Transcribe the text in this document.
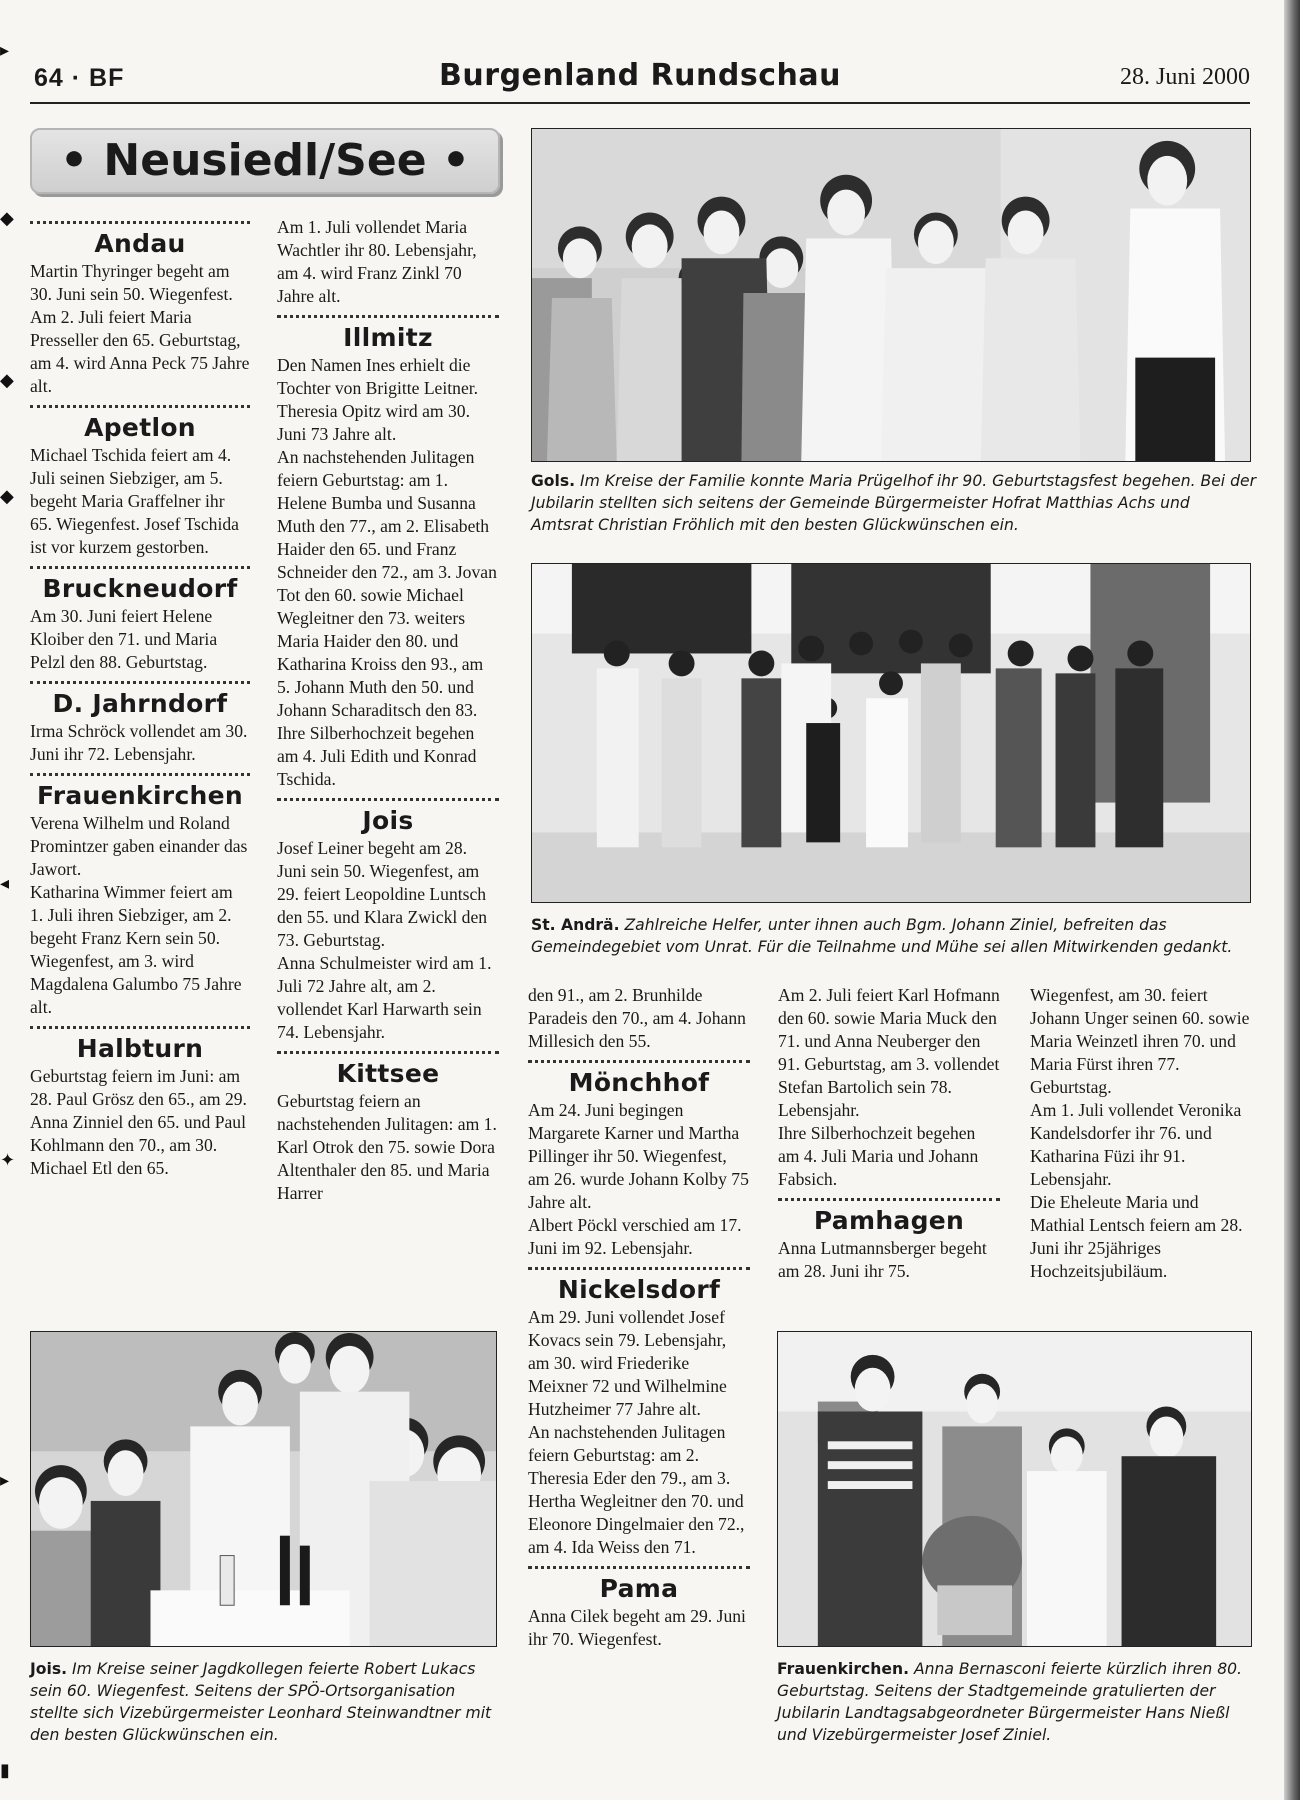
▸
◆
◆
◆
◂
✦
▸
▮
64 · BF	Burgenland Rundschau	28. Juni 2000
• Neusiedl/See •
Andau

Martin Thyringer begeht am 30. Juni sein 50. Wiegenfest. Am 2. Juli feiert Maria Presseller den 65. Geburtstag, am 4. wird Anna Peck 75 Jahre alt.

Apetlon

Michael Tschida feiert am 4. Juli seinen Siebziger, am 5. begeht Maria Graffelner ihr 65. Wiegenfest. Josef Tschida ist vor kurzem gestorben.

Bruckneudorf

Am 30. Juni feiert Helene Kloiber den 71. und Maria Pelzl den 88. Geburtstag.

D. Jahrndorf

Irma Schröck vollendet am 30. Juni ihr 72. Lebensjahr.

Frauenkirchen

Verena Wilhelm und Roland Promintzer gaben einander das Jawort.

Katharina Wimmer feiert am 1. Juli ihren Siebziger, am 2. begeht Franz Kern sein 50. Wiegenfest, am 3. wird Magdalena Galumbo 75 Jahre alt.

Halbturn

Geburtstag feiern im Juni: am 28. Paul Grösz den 65., am 29. Anna Zinniel den 65. und Paul Kohlmann den 70., am 30. Michael Etl den 65.

Am 1. Juli vollendet Maria Wachtler ihr 80. Lebensjahr, am 4. wird Franz Zinkl 70 Jahre alt.

Illmitz

Den Namen Ines erhielt die Tochter von Brigitte Leitner.

Theresia Opitz wird am 30. Juni 73 Jahre alt.

An nachstehenden Julitagen feiern Geburtstag: am 1. Helene Bumba und Susanna Muth den 77., am 2. Elisabeth Haider den 65. und Franz Schneider den 72., am 3. Jovan Tot den 60. sowie Michael Wegleitner den 73. weiters Maria Haider den 80. und Katharina Kroiss den 93., am 5. Johann Muth den 50. und Johann Scharaditsch den 83.

Ihre Silberhochzeit begehen am 4. Juli Edith und Konrad Tschida.

Jois

Josef Leiner begeht am 28. Juni sein 50. Wiegenfest, am 29. feiert Leopoldine Luntsch den 55. und Klara Zwickl den 73. Geburtstag.

Anna Schulmeister wird am 1. Juli 72 Jahre alt, am 2. vollendet Karl Harwarth sein 74. Lebensjahr.

Kittsee

Geburtstag feiern an nachstehenden Julitagen: am 1. Karl Otrok den 75. sowie Dora Altenthaler den 85. und Maria Harrer

Gols. Im Kreise der Familie konnte Maria Prügelhof ihr 90. Geburtstagsfest begehen. Bei der Jubilarin stellten sich seitens der Gemeinde Bürgermeister Hofrat Matthias Achs und Amtsrat Christian Fröhlich mit den besten Glückwünschen ein.
St. Andrä. Zahlreiche Helfer, unter ihnen auch Bgm. Johann Ziniel, befreiten das Gemeindegebiet vom Unrat. Für die Teilnahme und Mühe sei allen Mitwirkenden gedankt.

den 91., am 2. Brunhilde Paradeis den 70., am 4. Johann Millesich den 55.

Mönchhof

Am 24. Juni begingen Margarete Karner und Martha Pillinger ihr 50. Wiegenfest, am 26. wurde Johann Kolby 75 Jahre alt.

Albert Pöckl verschied am 17. Juni im 92. Lebensjahr.

Nickelsdorf

Am 29. Juni vollendet Josef Kovacs sein 79. Lebensjahr, am 30. wird Friederike Meixner 72 und Wilhelmine Hutzheimer 77 Jahre alt.

An nachstehenden Julitagen feiern Geburtstag: am 2. Theresia Eder den 79., am 3. Hertha Wegleitner den 70. und Eleonore Dingelmaier den 72., am 4. Ida Weiss den 71.

Pama

Anna Cilek begeht am 29. Juni ihr 70. Wiegenfest.

Am 2. Juli feiert Karl Hofmann den 60. sowie Maria Muck den 71. und Anna Neuberger den 91. Geburtstag, am 3. vollendet Stefan Bartolich sein 78. Lebensjahr.

Ihre Silberhochzeit begehen am 4. Juli Maria und Johann Fabsich.

Pamhagen

Anna Lutmannsberger begeht am 28. Juni ihr 75.

Wiegenfest, am 30. feiert Johann Unger seinen 60. sowie Maria Weinzetl ihren 70. und Maria Fürst ihren 77. Geburtstag.

Am 1. Juli vollendet Veronika Kandelsdorfer ihr 76. und Katharina Füzi ihr 91. Lebensjahr.

Die Eheleute Maria und Mathial Lentsch feiern am 28. Juni ihr 25jähriges Hochzeitsjubiläum.

Jois. Im Kreise seiner Jagdkollegen feierte Robert Lukacs sein 60. Wiegenfest. Seitens der SPÖ-Ortsorganisation stellte sich Vizebürgermeister Leonhard Steinwandtner mit den besten Glückwünschen ein.
Frauenkirchen. Anna Bernasconi feierte kürzlich ihren 80. Geburtstag. Seitens der Stadtgemeinde gratulierten der Jubilarin Landtagsabgeordneter Bürgermeister Hans Nießl und Vizebürgermeister Josef Ziniel.
